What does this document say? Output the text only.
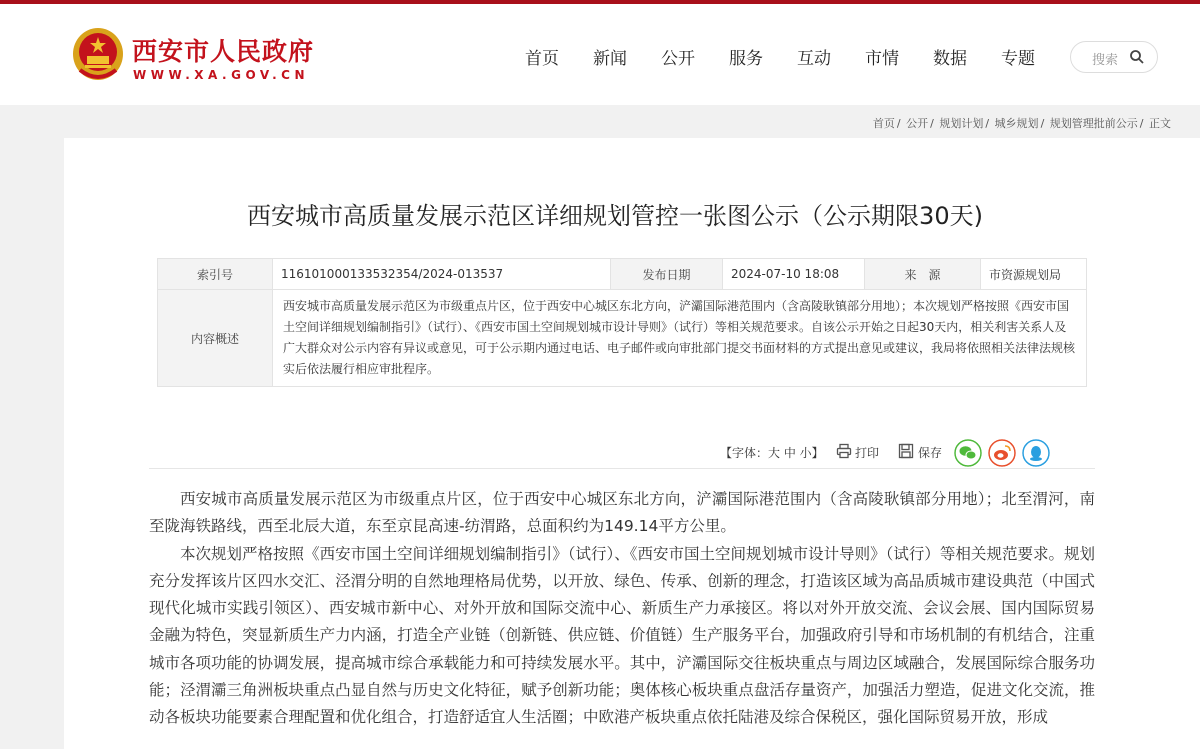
西安市人民政府
WWW.XA.GOV.CN
首页 新闻 公开 服务 互动 市情 数据 专题	搜索
首页 / 公开 / 规划计划 / 城乡规划 / 规划管理批前公示 / 正文
西安城市高质量发展示范区详细规划管控一张图公示（公示期限30天)
索引号	11610100013353235​4/2024-013537	发布日期	2024-07-10 18:08	来　源	市资源规划局
内容概述	西安城市高质量发展示范区为市级重点片区，位于西安中心城区东北方向，浐灞国际港范围内（含高陵耿镇部分用地）；本次规划严格按照《西安市国土空间详细规划编制指引》（试行）、《西安市国土空间规划城市设计导则》（试行）等相关规范要求。自该公示开始之日起30天内，相关利害关系人及广大群众对公示内容有异议或意见，可于公示期内通过电话、电子邮件或向审批部门提交书面材料的方式提出意见或建议，我局将依照相关法律法规核实后依法履行相应审批程序。				
【字体：大 中 小】	打印	保存

西安城市高质量发展示范区为市级重点片区，位于西安中心城区东北方向，浐灞国际港范围内（含高陵耿镇部分用地）；北至渭河，南至陇海铁路线，西至北辰大道，东至京昆高速-纺渭路，总面积约为149.14平方公里。

本次规划严格按照《西安市国土空间详细规划编制指引》（试行）、《西安市国土空间规划城市设计导则》（试行）等相关规范要求。规划充分发挥该片区四水交汇、泾渭分明的自然地理格局优势，以开放、绿色、传承、创新的理念，打造该区域为高品质城市建设典范（中国式现代化城市实践引领区）、西安城市新中心、对外开放和国际交流中心、新质生产力承接区。将以对外开放交流、会议会展、国内国际贸易金融为特色，突显新质生产力内涵，打造全产业链（创新链、供应链、价值链）生产服务平台，加强政府引导和市场机制的有机结合，注重城市各项功能的协调发展，提高城市综合承载能力和可持续发展水平。其中，浐灞国际交往板块重点与周边区域融合，发展国际综合服务功能；泾渭灞三角洲板块重点凸显自然与历史文化特征，赋予创新功能；奥体核心板块重点盘活存量资产，加强活力塑造，促进文化交流，推动各板块功能要素合理配置和优化组合，打造舒适宜人生活圈；中欧港产板块重点依托陆港及综合保税区，强化国际贸易开放，形成
